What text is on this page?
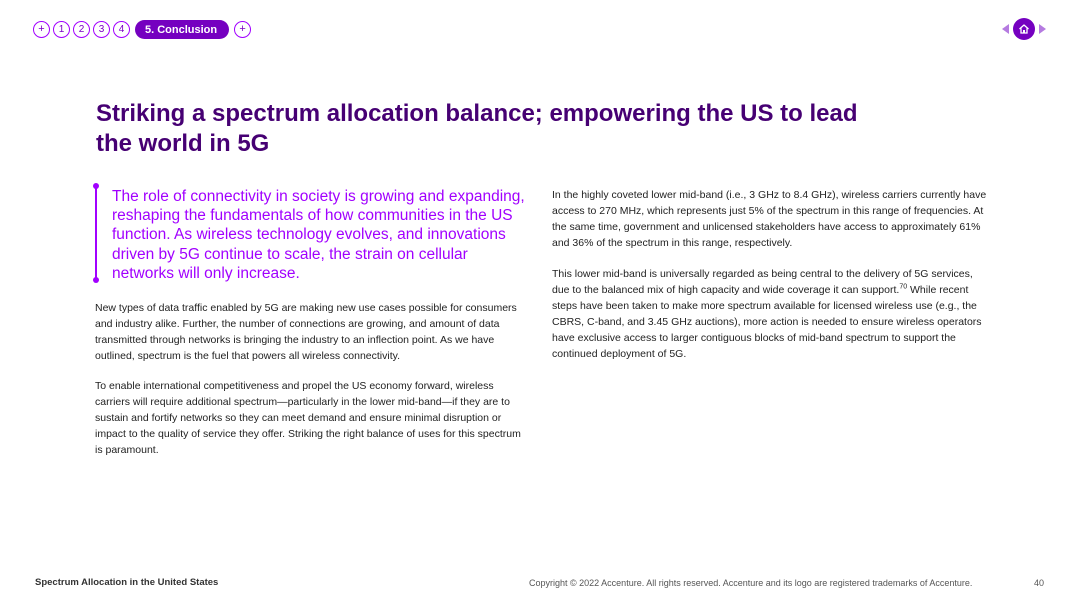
+	1	2	3	4	5. Conclusion	+
Striking a spectrum allocation balance; empowering the US to lead the world in 5G

The role of connectivity in society is growing and expanding, reshaping the fundamentals of how communities in the US function. As wireless technology evolves, and innovations driven by 5G continue to scale, the strain on cellular networks will only increase.

New types of data traffic enabled by 5G are making new use cases possible for consumers and industry alike. Further, the number of connections are growing, and amount of data transmitted through networks is bringing the industry to an inflection point. As we have outlined, spectrum is the fuel that powers all wireless connectivity.

To enable international competitiveness and propel the US economy forward, wireless carriers will require additional spectrum—particularly in the lower mid-band—if they are to sustain and fortify networks so they can meet demand and ensure minimal disruption or impact to the quality of service they offer. Striking the right balance of uses for this spectrum is paramount.

In the highly coveted lower mid-band (i.e., 3 GHz to 8.4 GHz), wireless carriers currently have access to 270 MHz, which represents just 5% of the spectrum in this range of frequencies. At the same time, government and unlicensed stakeholders have access to approximately 61% and 36% of the spectrum in this range, respectively.

This lower mid-band is universally regarded as being central to the delivery of 5G services, due to the balanced mix of high capacity and wide coverage it can support.$^{70}$ While recent steps have been taken to make more spectrum available for licensed wireless use (e.g., the CBRS, C-band, and 3.45 GHz auctions), more action is needed to ensure wireless operators have exclusive access to larger contiguous blocks of mid-band spectrum to support the continued deployment of 5G.

Spectrum Allocation in the United States	Copyright © 2022 Accenture. All rights reserved. Accenture and its logo are registered trademarks of Accenture.	40
